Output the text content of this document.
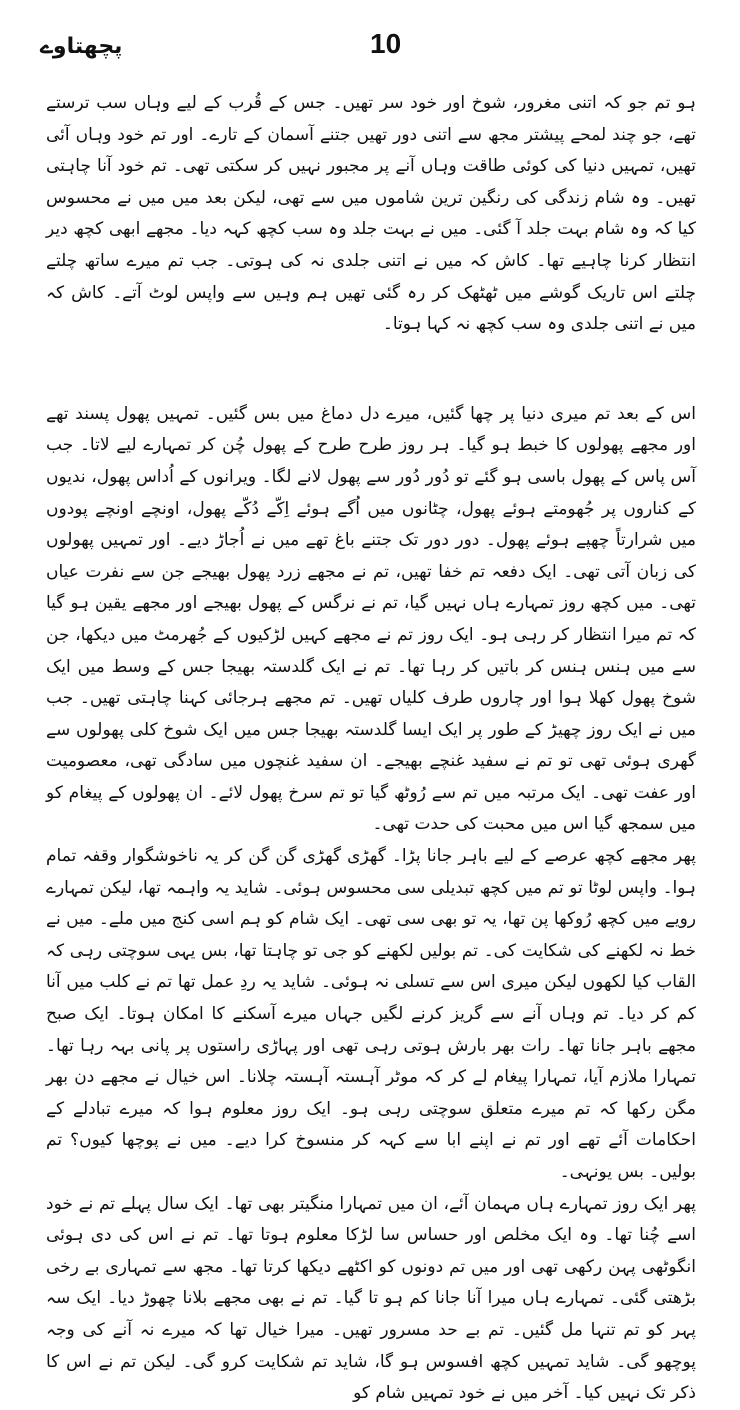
پچھتاوے	10

ہو تم جو کہ اتنی مغرور، شوخ اور خود سر تھیں۔ جس کے قُرب کے لیے وہاں سب ترستے تھے، جو چند لمحے پیشتر مجھ سے اتنی دور تھیں جتنے آسمان کے تارے۔ اور تم خود وہاں آئی تھیں، تمہیں دنیا کی کوئی طاقت وہاں آنے پر مجبور نہیں کر سکتی تھی۔ تم خود آنا چاہتی تھیں۔ وہ شام زندگی کی رنگین ترین شاموں میں سے تھی، لیکن بعد میں میں نے محسوس کیا کہ وہ شام بہت جلد آ گئی۔ میں نے بہت جلد وہ سب کچھ کہہ دیا۔ مجھے ابھی کچھ دیر انتظار کرنا چاہیے تھا۔ کاش کہ میں نے اتنی جلدی نہ کی ہوتی۔ جب تم میرے ساتھ چلتے چلتے اس تاریک گوشے میں ٹھٹھک کر رہ گئی تھیں ہم وہیں سے واپس لوٹ آتے۔ کاش کہ میں نے اتنی جلدی وہ سب کچھ نہ کہا ہوتا۔

اس کے بعد تم میری دنیا پر چھا گئیں، میرے دل دماغ میں بس گئیں۔ تمہیں پھول پسند تھے اور مجھے پھولوں کا خبط ہو گیا۔ ہر روز طرح طرح کے پھول چُن کر تمہارے لیے لاتا۔ جب آس پاس کے پھول باسی ہو گئے تو دُور دُور سے پھول لانے لگا۔ ویرانوں کے اُداس پھول، ندیوں کے کناروں پر جُھومتے ہوئے پھول، چٹانوں میں اُگے ہوئے اِکّے دُکّے پھول، اونچے اونچے پودوں میں شرارتاً چھپے ہوئے پھول۔ دور دور تک جتنے باغ تھے میں نے اُجاڑ دیے۔ اور تمہیں پھولوں کی زبان آتی تھی۔ ایک دفعہ تم خفا تھیں، تم نے مجھے زرد پھول بھیجے جن سے نفرت عیاں تھی۔ میں کچھ روز تمہارے ہاں نہیں گیا، تم نے نرگس کے پھول بھیجے اور مجھے یقین ہو گیا کہ تم میرا انتظار کر رہی ہو۔ ایک روز تم نے مجھے کہیں لڑکیوں کے جُھرمٹ میں دیکھا، جن سے میں ہنس ہنس کر باتیں کر رہا تھا۔ تم نے ایک گلدستہ بھیجا جس کے وسط میں ایک شوخ پھول کھلا ہوا اور چاروں طرف کلیاں تھیں۔ تم مجھے ہرجائی کہنا چاہتی تھیں۔ جب میں نے ایک روز چھیڑ کے طور پر ایک ایسا گلدستہ بھیجا جس میں ایک شوخ کلی پھولوں سے گھری ہوئی تھی تو تم نے سفید غنچے بھیجے۔ ان سفید غنچوں میں سادگی تھی، معصومیت اور عفت تھی۔ ایک مرتبہ میں تم سے رُوٹھ گیا تو تم سرخ پھول لائے۔ ان پھولوں کے پیغام کو میں سمجھ گیا اس میں محبت کی حدت تھی۔

پھر مجھے کچھ عرصے کے لیے باہر جانا پڑا۔ گھڑی گھڑی گن گن کر یہ ناخوشگوار وقفہ تمام ہوا۔ واپس لوٹا تو تم میں کچھ تبدیلی سی محسوس ہوئی۔ شاید یہ واہمہ تھا، لیکن تمہارے رویے میں کچھ رُوکھا پن تھا، یہ تو بھی سی تھی۔ ایک شام کو ہم اسی کنج میں ملے۔ میں نے خط نہ لکھنے کی شکایت کی۔ تم بولیں لکھنے کو جی تو چاہتا تھا، بس یہی سوچتی رہی کہ القاب کیا لکھوں لیکن میری اس سے تسلی نہ ہوئی۔ شاید یہ ردِ عمل تھا تم نے کلب میں آنا کم کر دیا۔ تم وہاں آنے سے گریز کرنے لگیں جہاں میرے آسکنے کا امکان ہوتا۔ ایک صبح مجھے باہر جانا تھا۔ رات بھر بارش ہوتی رہی تھی اور پہاڑی راستوں پر پانی بہہ رہا تھا۔ تمہارا ملازم آیا، تمہارا پیغام لے کر کہ موٹر آہستہ آہستہ چلانا۔ اس خیال نے مجھے دن بھر مگن رکھا کہ تم میرے متعلق سوچتی رہی ہو۔ ایک روز معلوم ہوا کہ میرے تبادلے کے احکامات آئے تھے اور تم نے اپنے ابا سے کہہ کر منسوخ کرا دیے۔ میں نے پوچھا کیوں؟ تم بولیں۔ بس یونہی۔

پھر ایک روز تمہارے ہاں مہمان آئے، ان میں تمہارا منگیتر بھی تھا۔ ایک سال پہلے تم نے خود اسے چُنا تھا۔ وہ ایک مخلص اور حساس سا لڑکا معلوم ہوتا تھا۔ تم نے اس کی دی ہوئی انگوٹھی پہن رکھی تھی اور میں تم دونوں کو اکٹھے دیکھا کرتا تھا۔ مجھ سے تمہاری بے رخی بڑھتی گئی۔ تمہارے ہاں میرا آنا جانا کم ہو تا گیا۔ تم نے بھی مجھے بلانا چھوڑ دیا۔ ایک سہ پہر کو تم تنہا مل گئیں۔ تم بے حد مسرور تھیں۔ میرا خیال تھا کہ میرے نہ آنے کی وجہ پوچھو گی۔ شاید تمہیں کچھ افسوس ہو گا، شاید تم شکایت کرو گی۔ لیکن تم نے اس کا ذکر تک نہیں کیا۔ آخر میں نے خود تمہیں شام کو
